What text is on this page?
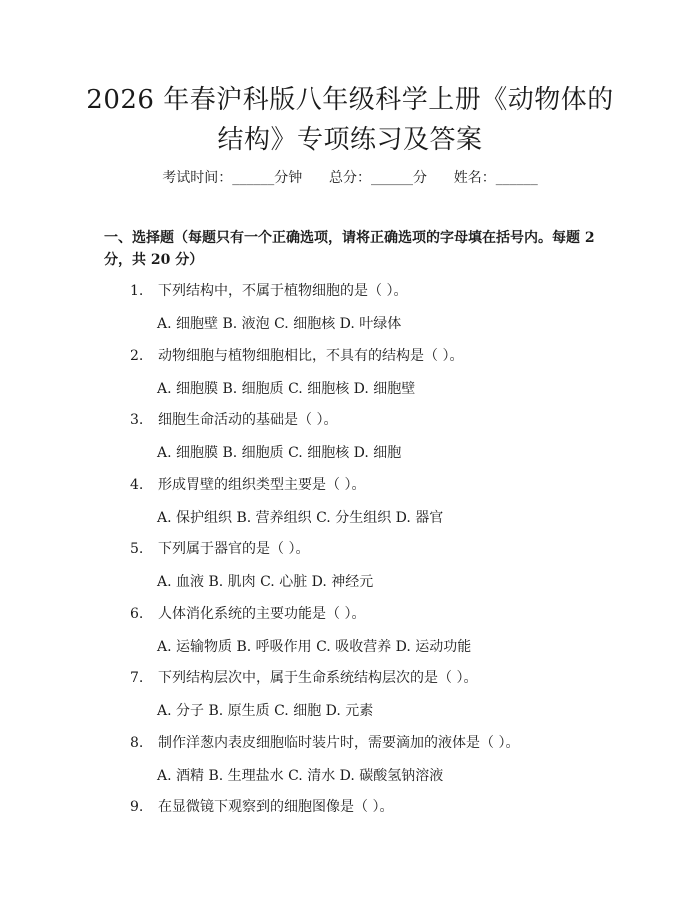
2026 年春沪科版八年级科学上册《动物体的
结构》专项练习及答案
考试时间：______分钟      总分：______分      姓名：______
一、选择题（每题只有一个正确选项，请将正确选项的字母填在括号内。每题 2
分，共 20 分）
1. 下列结构中，不属于植物细胞的是（ ）。
A. 细胞壁 B. 液泡 C. 细胞核 D. 叶绿体
2. 动物细胞与植物细胞相比，不具有的结构是（ ）。
A. 细胞膜 B. 细胞质 C. 细胞核 D. 细胞壁
3. 细胞生命活动的基础是（ ）。
A. 细胞膜 B. 细胞质 C. 细胞核 D. 细胞
4. 形成胃壁的组织类型主要是（ ）。
A. 保护组织 B. 营养组织 C. 分生组织 D. 器官
5. 下列属于器官的是（ ）。
A. 血液 B. 肌肉 C. 心脏 D. 神经元
6. 人体消化系统的主要功能是（ ）。
A. 运输物质 B. 呼吸作用 C. 吸收营养 D. 运动功能
7. 下列结构层次中，属于生命系统结构层次的是（ ）。
A. 分子 B. 原生质 C. 细胞 D. 元素
8. 制作洋葱内表皮细胞临时装片时，需要滴加的液体是（ ）。
A. 酒精 B. 生理盐水 C. 清水 D. 碳酸氢钠溶液
9. 在显微镜下观察到的细胞图像是（ ）。
